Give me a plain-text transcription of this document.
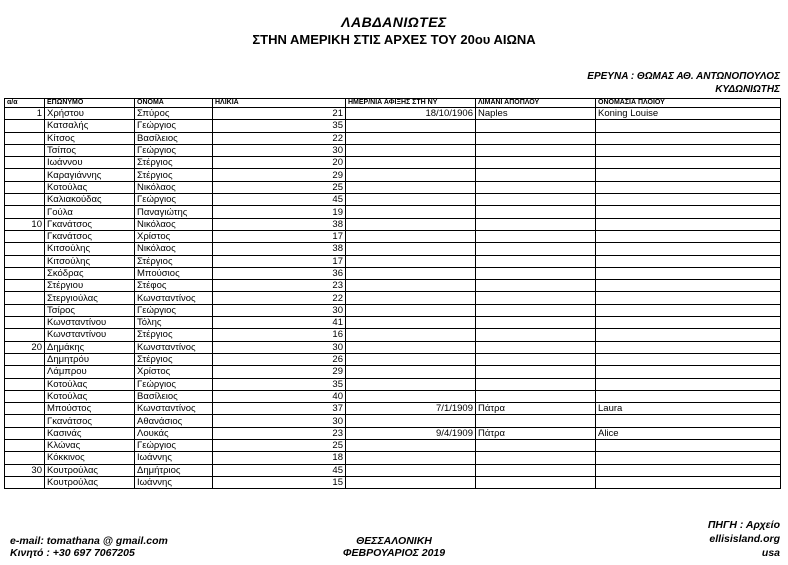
ΛΑΒΔΑΝΙΩΤΕΣ
ΣΤΗΝ ΑΜΕΡΙΚΗ ΣΤΙΣ ΑΡΧΕΣ ΤΟΥ 20ου ΑΙΩΝΑ
ΕΡΕΥΝΑ : ΘΩΜΑΣ ΑΘ. ΑΝΤΩΝΟΠΟΥΛΟΣ
ΚΥΔΩΝΙΩΤΗΣ
α/α	ΕΠΩΝΥΜΟ	ΟΝΟΜΑ	ΗΛΙΚΙΑ	ΗΜΕΡ/ΝΙΑ ΑΦΙΞΗΣ ΣΤΗ ΝΥ	ΛΙΜΑΝΙ ΑΠΟΠΛΟΥ	ΟΝΟΜΑΣΙΑ ΠΛΟΙΟΥ
1	Χρήστου	Σπύρος	21	18/10/1906	Naples	Koning Louise
	Κατσαλής	Γεώργιος	35			
	Κίτσος	Βασίλειος	22			
	Τσίπος	Γεώργιος	30			
	Ιωάννου	Στέργιος	20			
	Καραγιάννης	Στέργιος	29			
	Κοτούλας	Νικόλαος	25			
	Καλιακούδας	Γεώργιος	45			
	Γούλα	Παναγιώτης	19			
10	Γκανάτσος	Νικόλαος	38			
	Γκανάτσος	Χρίστος	17			
	Κιτσούλης	Νικόλαος	38			
	Κιτσούλης	Στέργιος	17			
	Σκόδρας	Μπούσιος	36			
	Στέργιου	Στέφος	23			
	Στεργιούλας	Κωνσταντίνος	22			
	Τσίρος	Γεώργιος	30			
	Κωνσταντίνου	Τόλης	41			
	Κωνσταντίνου	Στέργιος	16			
20	Δημάκης	Κωνσταντίνος	30			
	Δημητρόυ	Στέργιος	26			
	Λάμπρου	Χρίστος	29			
	Κοτούλας	Γεώργιος	35			
	Κοτούλας	Βασίλειος	40			
	Μπούστος	Κωνσταντίνος	37	7/1/1909	Πάτρα	Laura
	Γκανάτσος	Αθανάσιος	30			
	Κασινάς	Λουκάς	23	9/4/1909	Πάτρα	Alice
	Κλώνας	Γεώργιος	25			
	Κόκκινος	Ιωάννης	18			
30	Κουτρούλας	Δημήτριος	45			
	Κουτρούλας	Ιωάννης	15			
e-mail: tomathana @ gmail.com
Κινητό : +30 697 7067205
ΘΕΣΣΑΛΟΝΙΚΗ
ΦΕΒΡΟΥΑΡΙΟΣ 2019
ΠΗΓΗ : Αρχείο
ellisisland.org
usa
